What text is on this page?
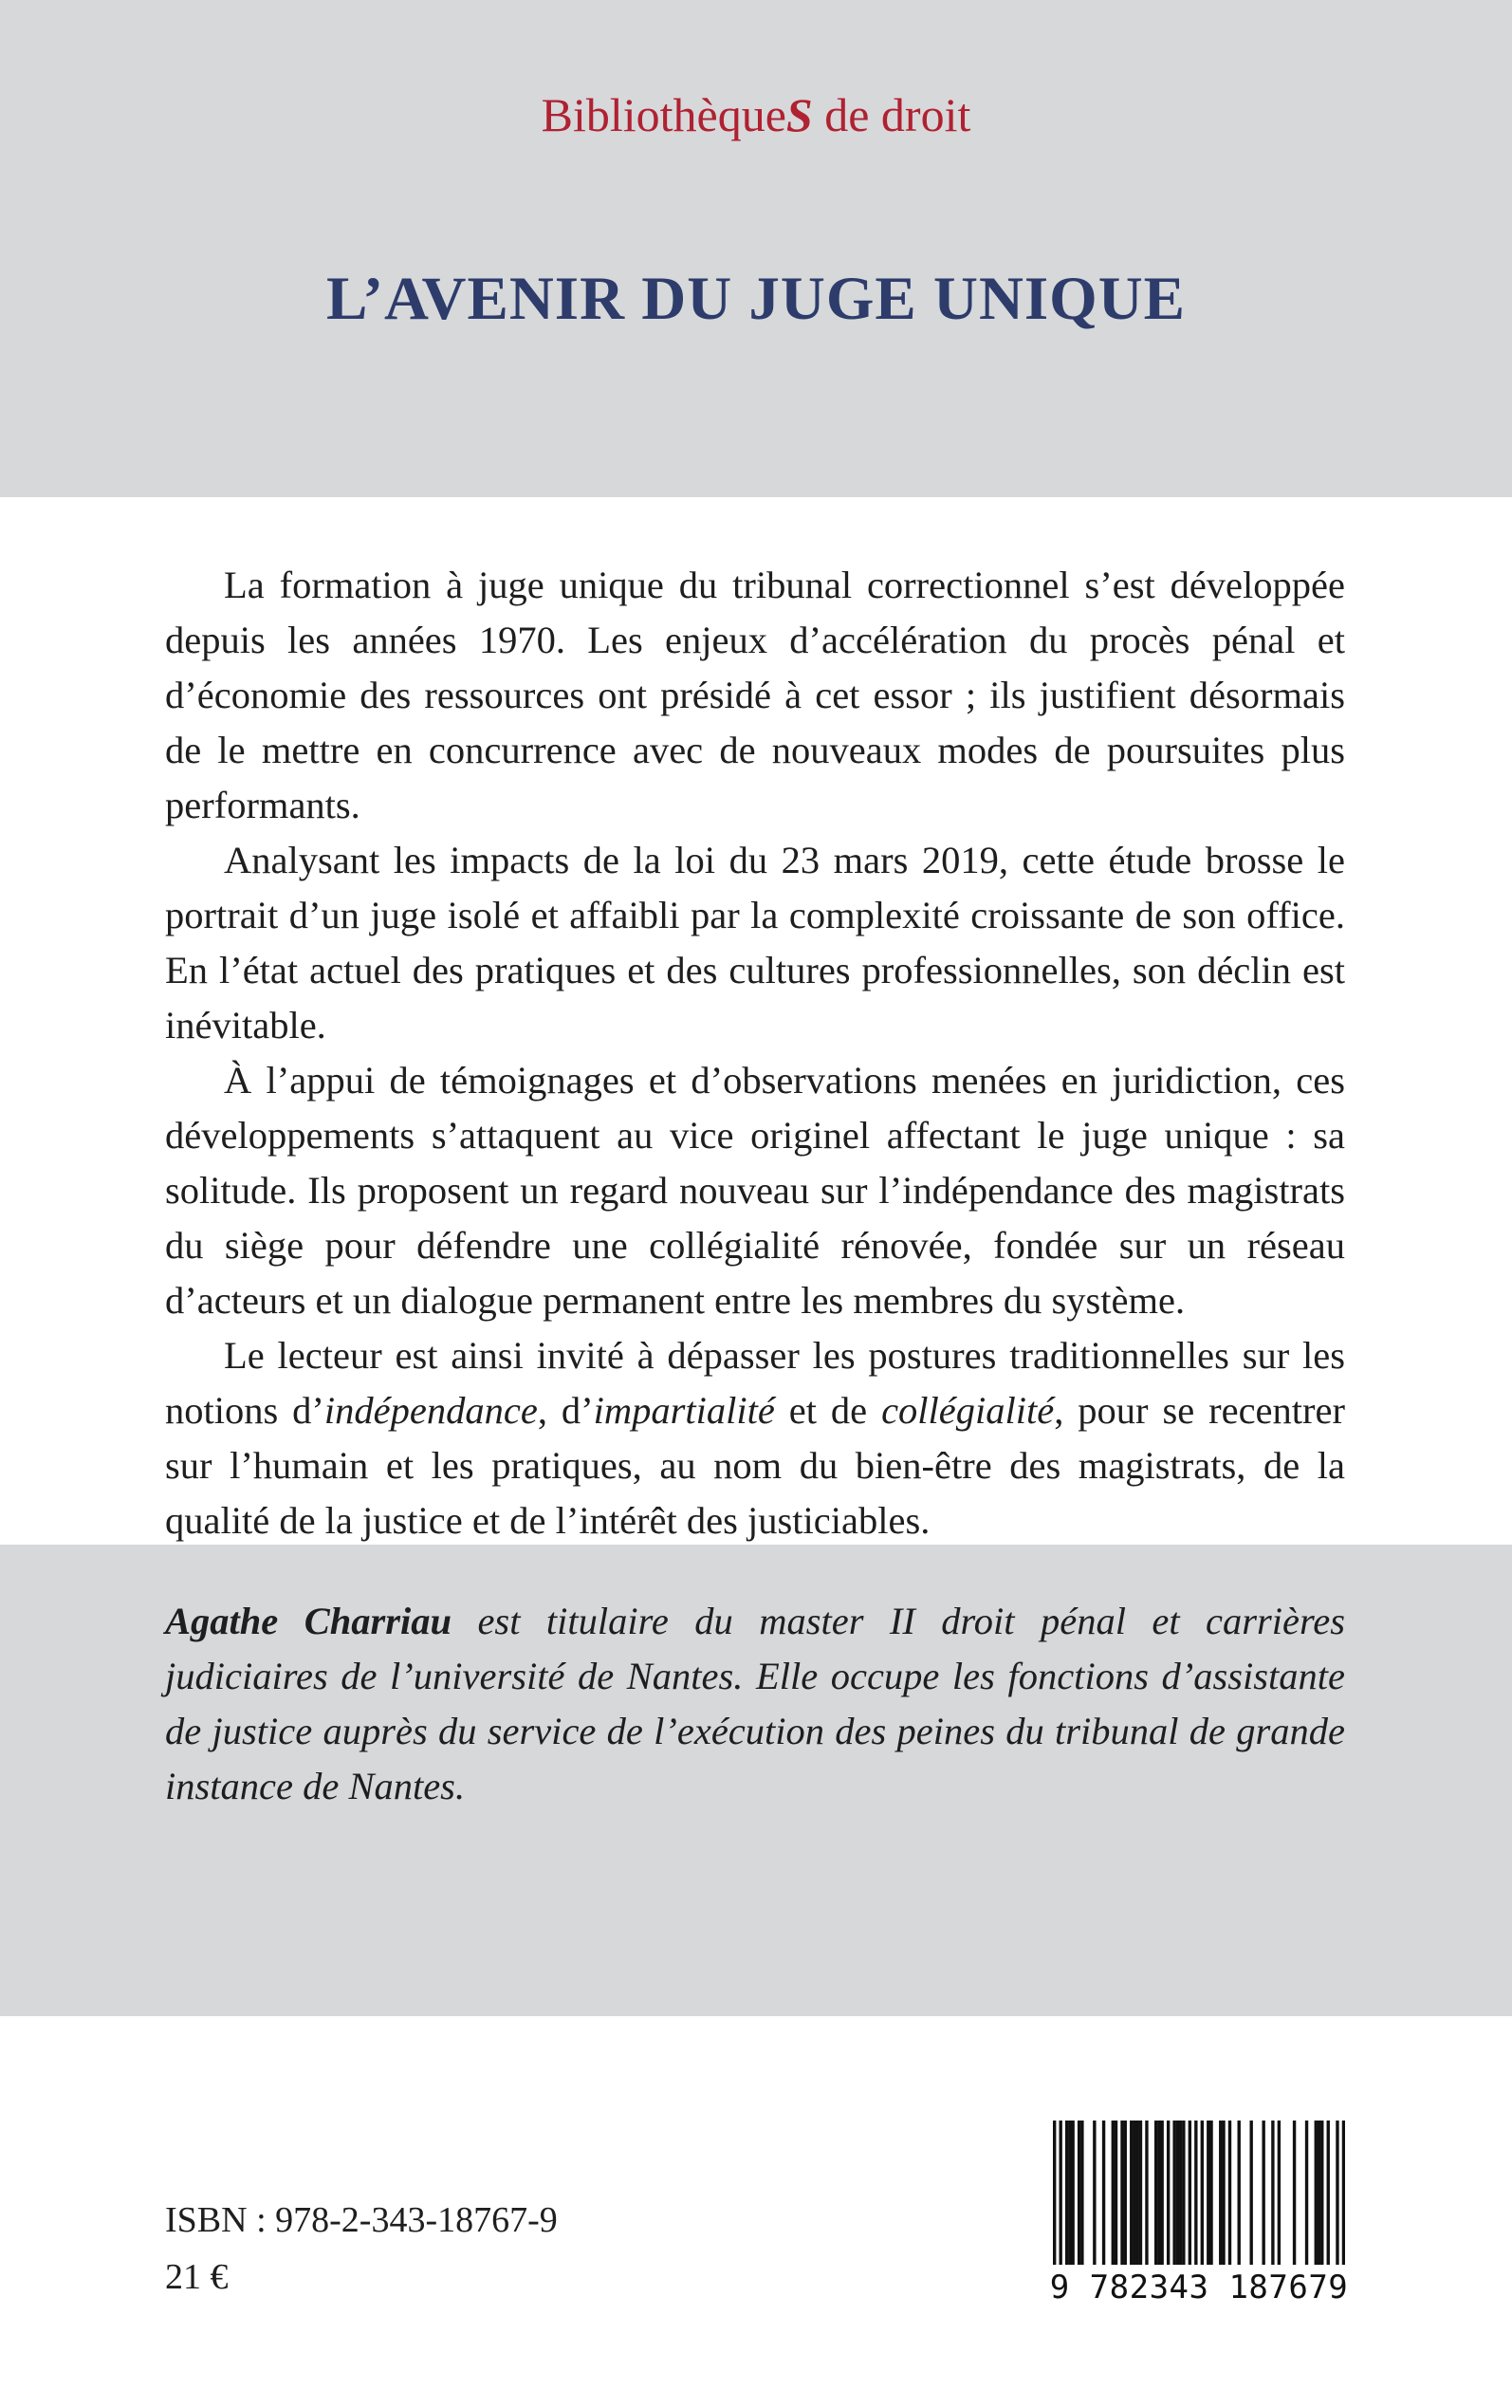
BibliothèqueS de droit
L’AVENIR DU JUGE UNIQUE

La formation à juge unique du tribunal correctionnel s’est développée depuis les années 1970. Les enjeux d’accélération du procès pénal et d’économie des ressources ont présidé à cet essor ; ils justifient désormais de le mettre en concurrence avec de nouveaux modes de poursuites plus performants.

Analysant les impacts de la loi du 23 mars 2019, cette étude brosse le portrait d’un juge isolé et affaibli par la complexité croissante de son office. En l’état actuel des pratiques et des cultures professionnelles, son déclin est inévitable.

À l’appui de témoignages et d’observations menées en juridiction, ces développements s’attaquent au vice originel affectant le juge unique : sa solitude. Ils proposent un regard nouveau sur l’indépendance des magistrats du siège pour défendre une collégialité rénovée, fondée sur un réseau d’acteurs et un dialogue permanent entre les membres du système.

Le lecteur est ainsi invité à dépasser les postures traditionnelles sur les notions d’indépendance, d’impartialité et de collégialité, pour se recentrer sur l’humain et les pratiques, au nom du bien-être des magistrats, de la qualité de la justice et de l’intérêt des justiciables.

Agathe Charriau est titulaire du master II droit pénal et carrières judiciaires de l’université de Nantes. Elle occupe les fonctions d’assistante de justice auprès du service de l’exécution des peines du tribunal de grande instance de Nantes.
ISBN : 978-2-343-18767-9
21 €	9 782343 187679
